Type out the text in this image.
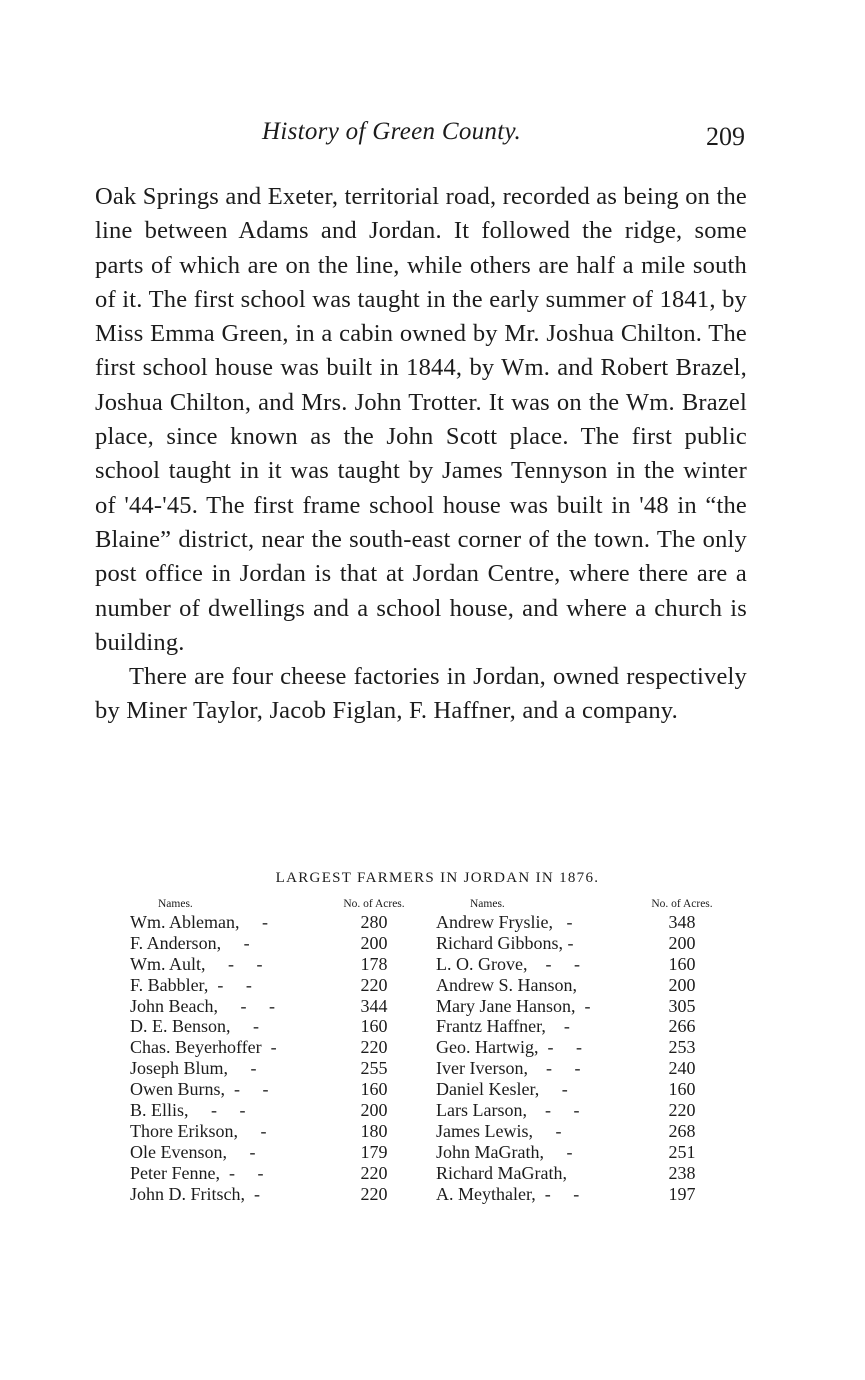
History of Green County.	209

Oak Springs and Exeter, territorial road, recorded as being on the line between Adams and Jordan. It followed the ridge, some parts of which are on the line, while others are half a mile south of it. The first school was taught in the early summer of 1841, by Miss Emma Green, in a cabin owned by Mr. Joshua Chilton. The first school house was built in 1844, by Wm. and Robert Brazel, Joshua Chilton, and Mrs. John Trotter. It was on the Wm. Brazel place, since known as the John Scott place. The first public school taught in it was taught by James Tennyson in the winter of '44-'45. The first frame school house was built in '48 in “the Blaine” district, near the south-east corner of the town. The only post office in Jordan is that at Jordan Centre, where there are a number of dwellings and a school house, and where a church is building.

There are four cheese factories in Jordan, owned respectively by Miner Taylor, Jacob Figlan, F. Haffner, and a company.

LARGEST FARMERS IN JORDAN IN 1876.
Names.	No. of Acres.	Names.	No. of Acres.
Wm. Ableman,     -	280	Andrew Fryslie,   -	348
F. Anderson,     -	200	Richard Gibbons, -	200
Wm. Ault,     -     -	178	L. O. Grove,    -     -	160
F. Babbler,  -     -	220	Andrew S. Hanson,	200
John Beach,     -     -	344	Mary Jane Hanson,  -	305
D. E. Benson,     -	160	Frantz Haffner,    -	266
Chas. Beyerhoffer  -	220	Geo. Hartwig,  -     -	253
Joseph Blum,     -	255	Iver Iverson,    -     -	240
Owen Burns,  -     -	160	Daniel Kesler,     -	160
B. Ellis,     -     -	200	Lars Larson,    -     -	220
Thore Erikson,     -	180	James Lewis,     -	268
Ole Evenson,     -	179	John MaGrath,     -	251
Peter Fenne,  -     -	220	Richard MaGrath,	238
John D. Fritsch,  -	220	A. Meythaler,  -     -	197
